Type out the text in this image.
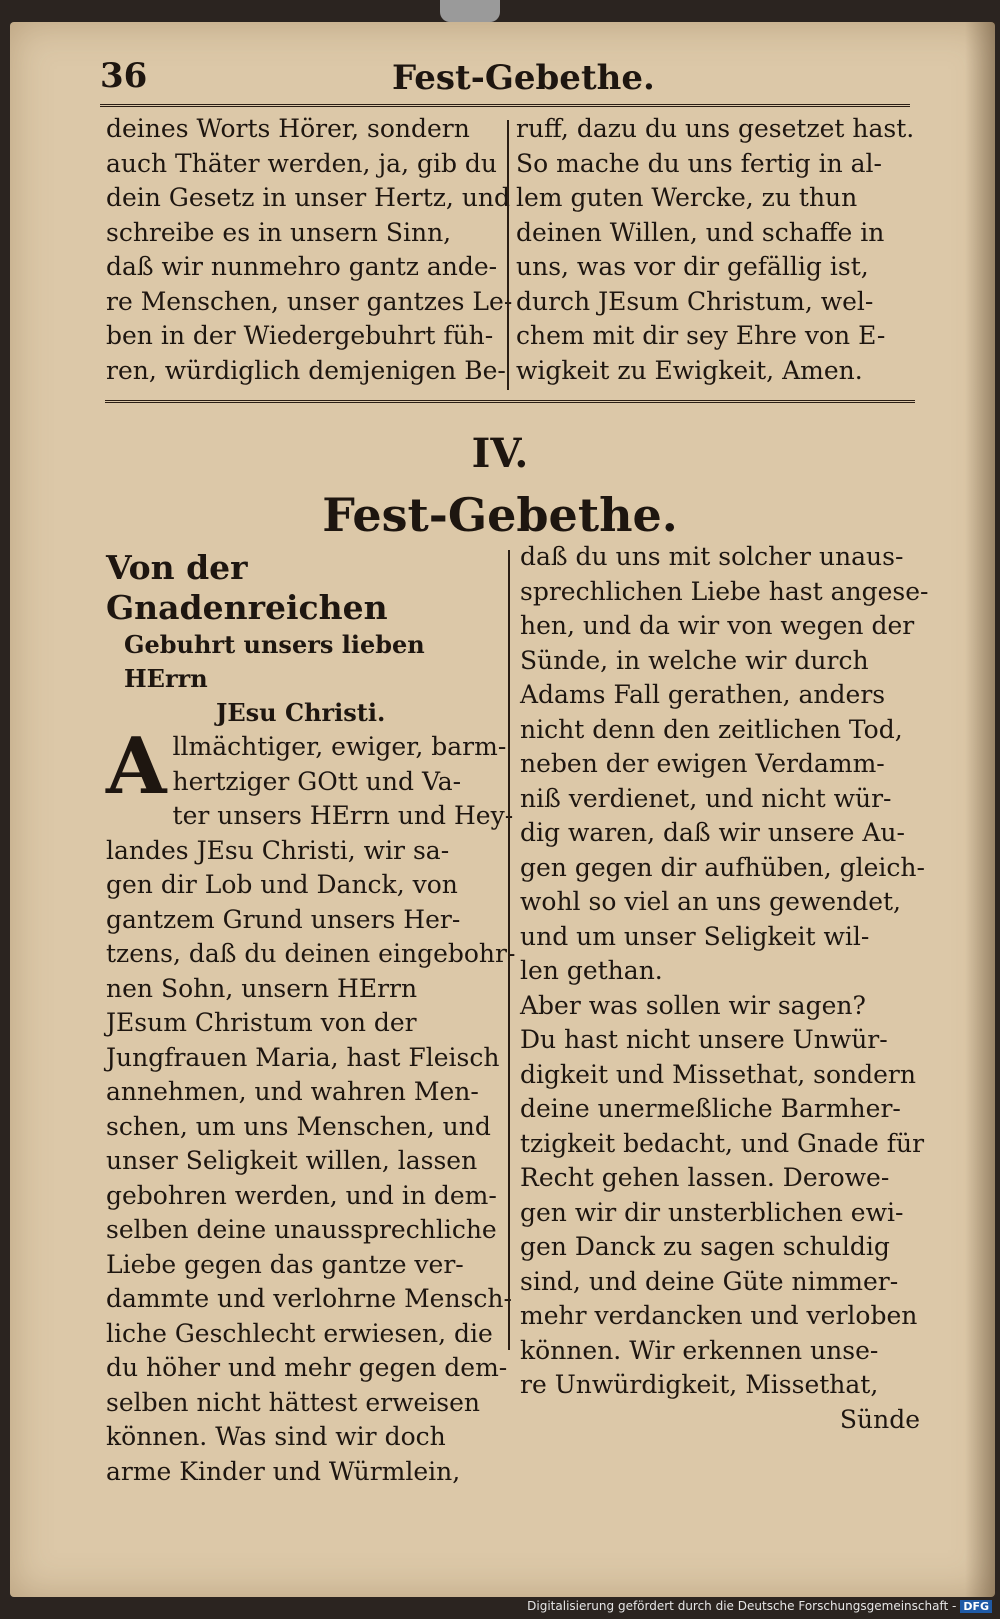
36	Fest-Gebethe.
deines Worts Hörer, sondern
auch Thäter werden, ja, gib du
dein Gesetz in unser Hertz, und
schreibe es in unsern Sinn,
daß wir nunmehro gantz ande-
re Menschen, unser gantzes Le-
ben in der Wiedergebuhrt füh-
ren, würdiglich demjenigen Be-
ruff, dazu du uns gesetzet hast.
So mache du uns fertig in al-
lem guten Wercke, zu thun
deinen Willen, und schaffe in
uns, was vor dir gefällig ist,
durch JEsum Christum, wel-
chem mit dir sey Ehre von E-
wigkeit zu Ewigkeit, Amen.
IV.
Fest-Gebethe.
Von der Gnadenreichen
Gebuhrt unsers lieben HErrn
JEsu Christi.
A llmächtiger, ewiger, barm-
hertziger GOtt und Va-
ter unsers HErrn und Hey-
landes JEsu Christi, wir sa-
gen dir Lob und Danck, von
gantzem Grund unsers Her-
tzens, daß du deinen eingebohr-
nen Sohn, unsern HErrn
JEsum Christum von der
Jungfrauen Maria, hast Fleisch
annehmen, und wahren Men-
schen, um uns Menschen, und
unser Seligkeit willen, lassen
gebohren werden, und in dem-
selben deine unaussprechliche
Liebe gegen das gantze ver-
dammte und verlohrne Mensch-
liche Geschlecht erwiesen, die
du höher und mehr gegen dem-
selben nicht hättest erweisen
können. Was sind wir doch
arme Kinder und Würmlein,
daß du uns mit solcher unaus-
sprechlichen Liebe hast angese-
hen, und da wir von wegen der
Sünde, in welche wir durch
Adams Fall gerathen, anders
nicht denn den zeitlichen Tod,
neben der ewigen Verdamm-
niß verdienet, und nicht wür-
dig waren, daß wir unsere Au-
gen gegen dir aufhüben, gleich-
wohl so viel an uns gewendet,
und um unser Seligkeit wil-
len gethan.
Aber was sollen wir sagen?
Du hast nicht unsere Unwür-
digkeit und Missethat, sondern
deine unermeßliche Barmher-
tzigkeit bedacht, und Gnade für
Recht gehen lassen. Derowe-
gen wir dir unsterblichen ewi-
gen Danck zu sagen schuldig
sind, und deine Güte nimmer-
mehr verdancken und verloben
können. Wir erkennen unse-
re Unwürdigkeit, Missethat,
Sünde
Digitalisierung gefördert durch die Deutsche Forschungsgemeinschaft - DFG
